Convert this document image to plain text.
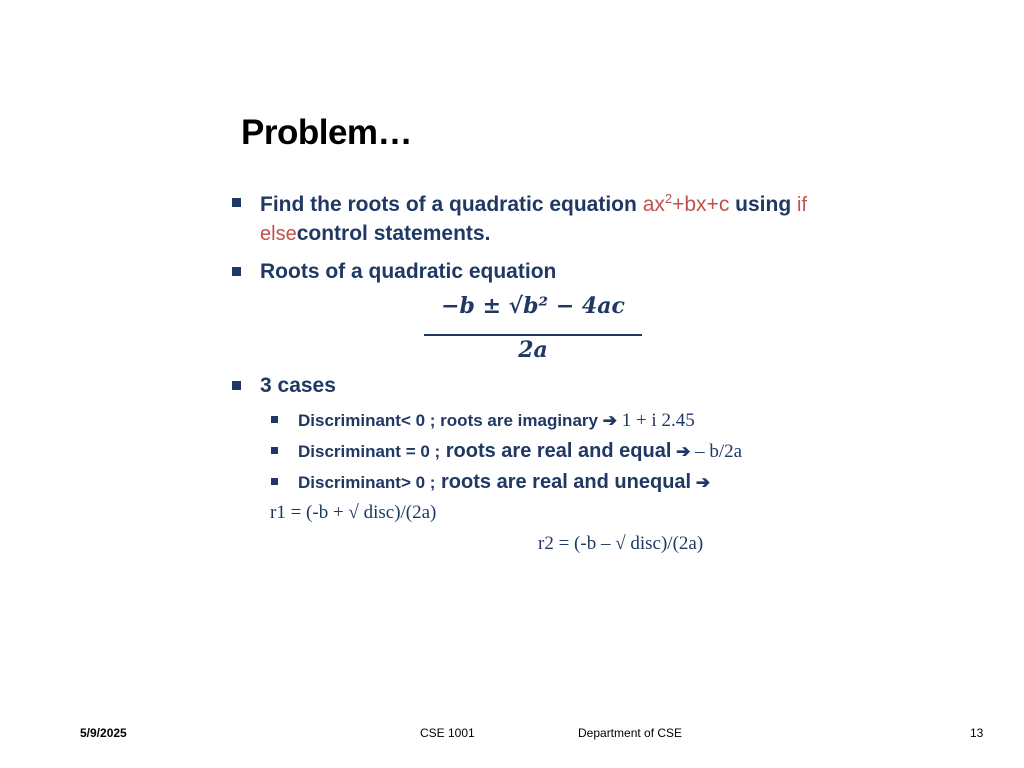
Problem…
Find the roots of a quadratic equation $ax^2+bx+c$ using if
elsecontrol statements.
Roots of a quadratic equation
−b ± √b² − 4ac
2a
3 cases
Discriminant< 0 ; roots are imaginary ➔ 1 + i 2.45
Discriminant = 0 ; roots are real and equal ➔ – b/2a
Discriminant> 0 ; roots are real and unequal ➔
r1 = (-b + √ disc)/(2a)
r2 = (-b – √ disc)/(2a)
5/9/2025	CSE 1001	Department of CSE	13
